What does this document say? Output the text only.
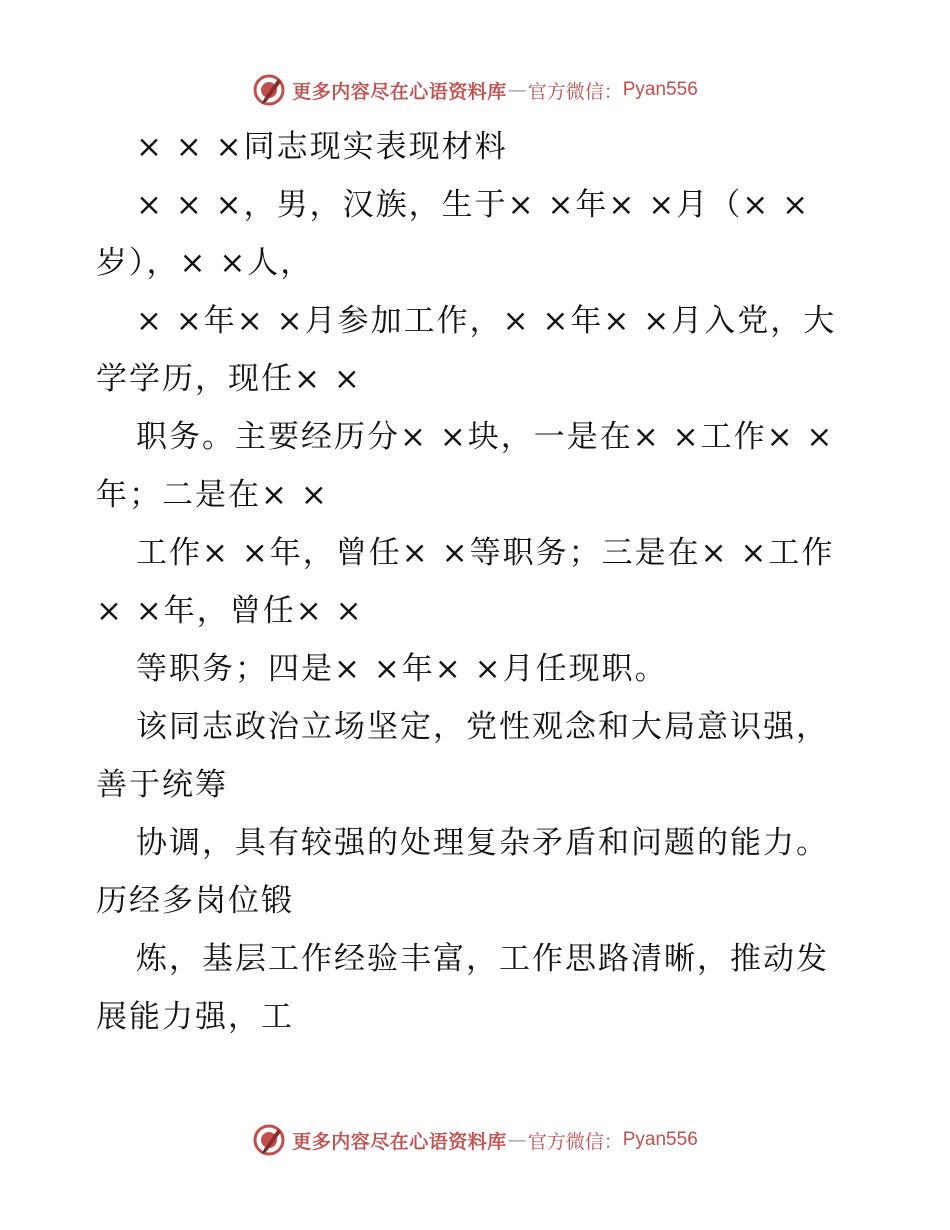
更多内容尽在心语资料库 — 官方微信： Pyan556
× × ×同志现实表现材料
× × ×，男，汉族，生于× ×年× ×月（× ×
岁），× ×人，
× ×年× ×月参加工作，× ×年× ×月入党，大
学学历，现任× ×
职务。主要经历分× ×块，一是在× ×工作× ×
年；二是在× ×
工作× ×年，曾任× ×等职务；三是在× ×工作
× ×年，曾任× ×
等职务；四是× ×年× ×月任现职。
该同志政治立场坚定，党性观念和大局意识强，
善于统筹
协调，具有较强的处理复杂矛盾和问题的能力。
历经多岗位锻
炼，基层工作经验丰富，工作思路清晰，推动发
展能力强，工
更多内容尽在心语资料库 — 官方微信： Pyan556
